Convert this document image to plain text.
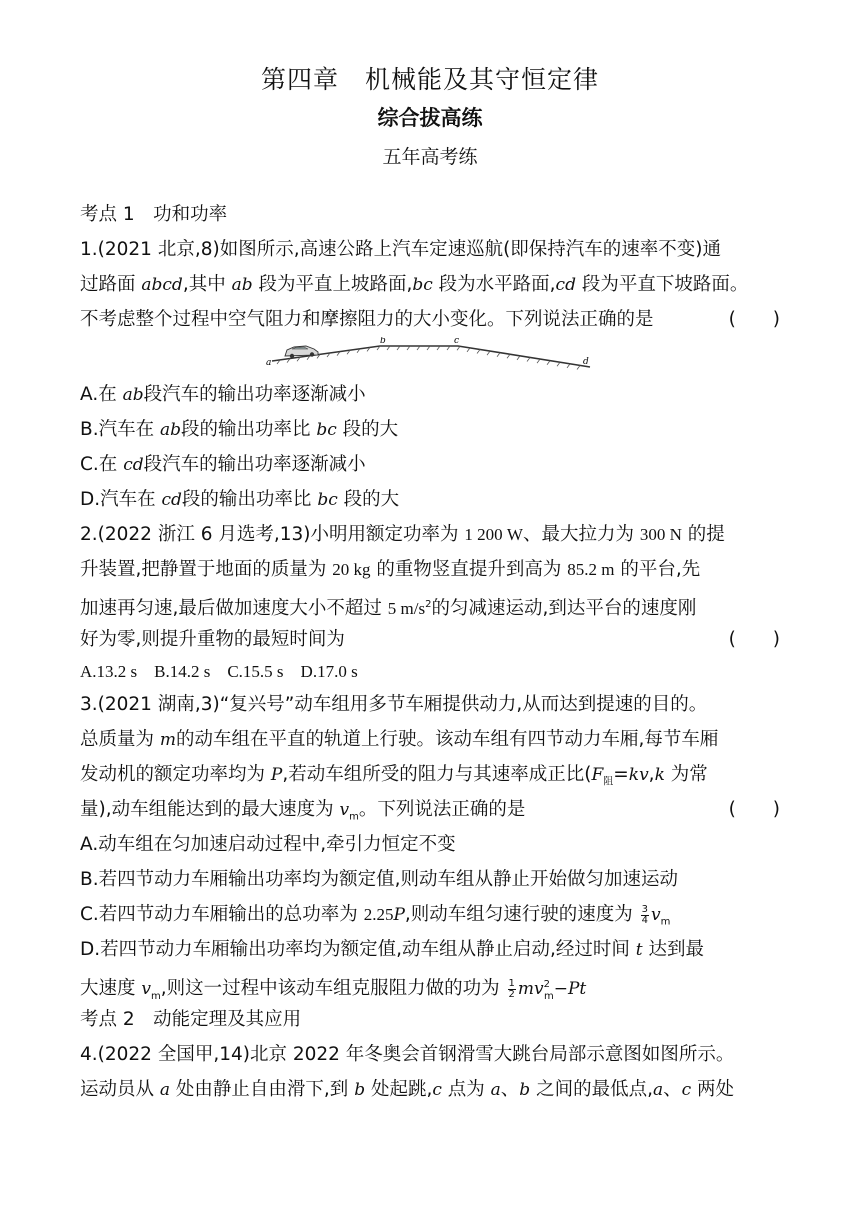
第四章　机械能及其守恒定律
综合拔高练
五年高考练
考点 1　功和功率
1.(2021 北京,8)如图所示,高速公路上汽车定速巡航(即保持汽车的速率不变)通
过路面 abcd,其中 ab 段为平直上坡路面,bc 段为水平路面,cd 段为平直下坡路面。
不考虑整个过程中空气阻力和摩擦阻力的大小变化。下列说法正确的是	(　　)
a
b	c
d
A.在 ab段汽车的输出功率逐渐减小
B.汽车在 ab段的输出功率比 bc 段的大
C.在 cd段汽车的输出功率逐渐减小
D.汽车在 cd段的输出功率比 bc 段的大
2.(2022 浙江 6 月选考,13)小明用额定功率为 1 200 W、最大拉力为 300 N 的提
升装置,把静置于地面的质量为 20 kg 的重物竖直提升到高为 85.2 m 的平台,先
加速再匀速,最后做加速度大小不超过 5 $m/s^2$的匀减速运动,到达平台的速度刚
好为零,则提升重物的最短时间为	(　　)
A.13.2 s　B.14.2 s　C.15.5 s　D.17.0 s
3.(2021 湖南,3)“复兴号”动车组用多节车厢提供动力,从而达到提速的目的。
总质量为 m的动车组在平直的轨道上行驶。该动车组有四节动力车厢,每节车厢
发动机的额定功率均为 P,若动车组所受的阻力与其速率成正比($F_阻=kv,k$ 为常
量),动车组能达到的最大速度为 $v_m$。下列说法正确的是	(　　)
A.动车组在匀加速启动过程中,牵引力恒定不变
B.若四节动力车厢输出功率均为额定值,则动车组从静止开始做匀加速运动
C.若四节动力车厢输出的总功率为 2.25P,则动车组匀速行驶的速度为 $\frac{3}{4} v_m$
D.若四节动力车厢输出功率均为额定值,动车组从静止启动,经过时间 t 达到最
大速度 $v_m$,则这一过程中该动车组克服阻力做的功为 $\frac{1}{2} mv^2_m-Pt$
考点 2　动能定理及其应用
4.(2022 全国甲,14)北京 2022 年冬奥会首钢滑雪大跳台局部示意图如图所示。
运动员从 a 处由静止自由滑下,到 b 处起跳,c 点为 a、b 之间的最低点,a、c 两处
